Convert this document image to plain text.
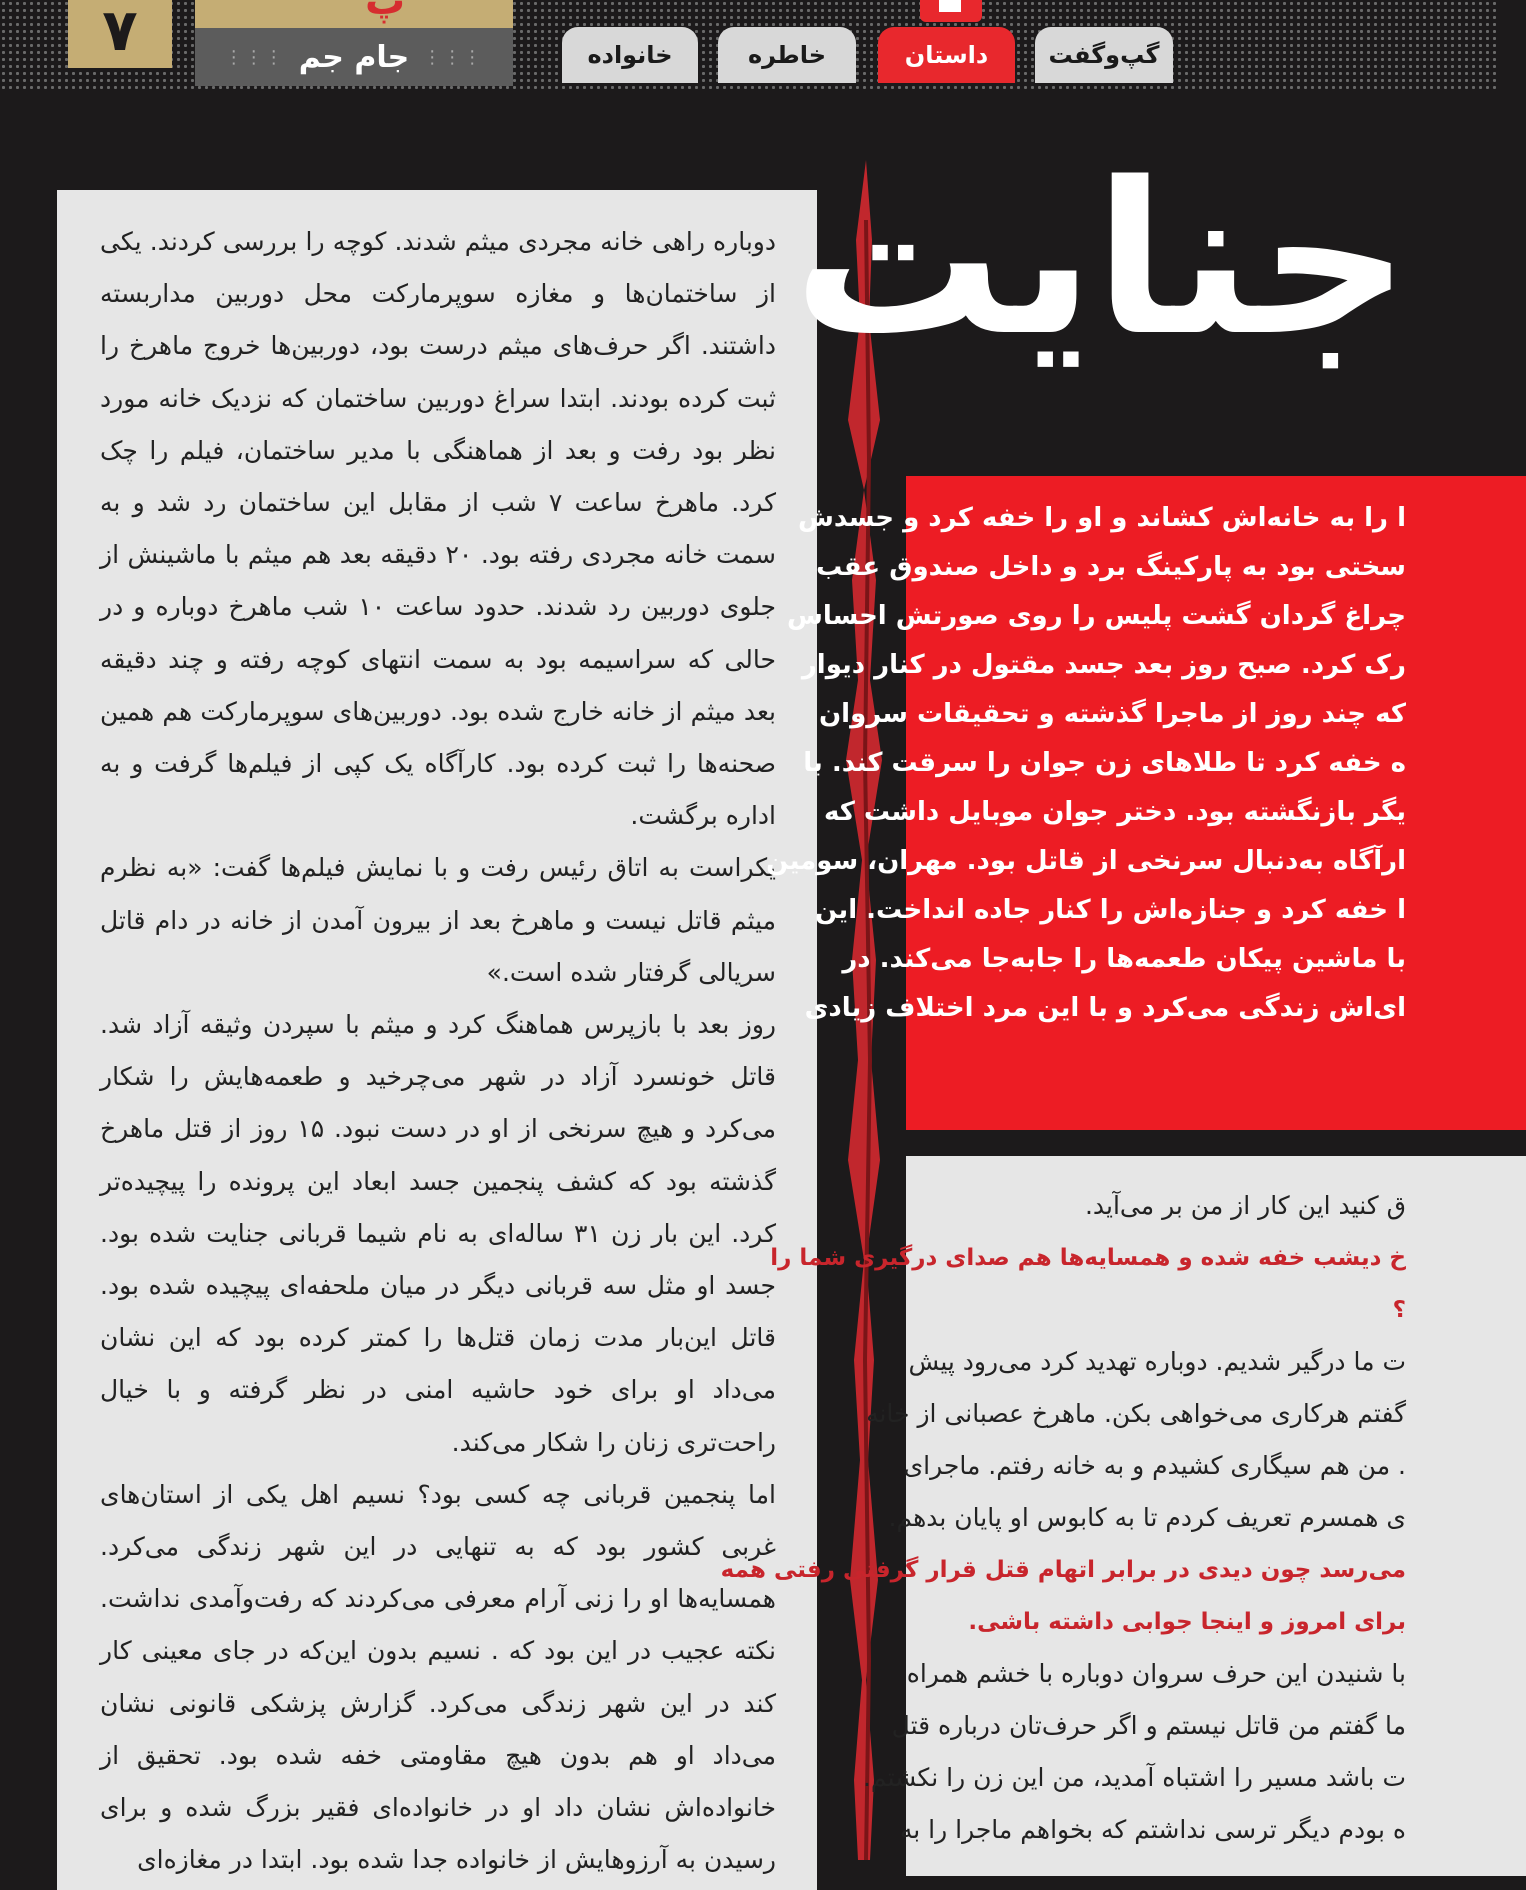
۷	پ
⋮⋮⋮ جام جم ⋮⋮⋮	گپ‌وگفت
داستان
خاطره
خانواده

دوباره راهی خانه مجردی میثم شدند. کوچه را بررسی کردند. یکی از ساختمان‌ها و مغازه سوپرمارکت محل دوربین مداربسته داشتند. اگر حرف‌های میثم درست بود، دوربین‌ها خروج ماهرخ را ثبت کرده بودند. ابتدا سراغ دوربین ساختمان که نزدیک خانه مورد نظر بود رفت و بعد از هماهنگی با مدیر ساختمان، فیلم را چک کرد. ماهرخ ساعت ۷ شب از مقابل این ساختمان رد شد و به سمت خانه مجردی رفته بود. ۲۰ دقیقه بعد هم میثم با ماشینش از جلوی دوربین رد شدند. حدود ساعت ۱۰ شب ماهرخ دوباره و در حالی که سراسیمه بود به سمت انتهای کوچه رفته و چند دقیقه بعد میثم از خانه خارج شده بود. دوربین‌های سوپرمارکت هم همین صحنه‌ها را ثبت کرده بود. کارآگاه یک کپی از فیلم‌ها گرفت و به اداره برگشت.

یکراست به اتاق رئیس رفت و با نمایش فیلم‌ها گفت: «به نظرم میثم قاتل نیست و ماهرخ بعد از بیرون آمدن از خانه در دام قاتل سریالی گرفتار شده است.»

روز بعد با بازپرس هماهنگ کرد و میثم با سپردن وثیقه آزاد شد. قاتل خونسرد آزاد در شهر می‌چرخید و طعمه‌هایش را شکار می‌کرد و هیچ سرنخی از او در دست نبود. ۱۵ روز از قتل ماهرخ گذشته بود که کشف پنجمین جسد ابعاد این پرونده را پیچیده‌تر کرد. این بار زن ۳۱ ساله‌ای به نام شیما قربانی جنایت شده بود. جسد او مثل سه قربانی دیگر در میان ملحفه‌ای پیچیده شده بود. قاتل این‌بار مدت زمان قتل‌ها را کمتر کرده بود که این نشان می‌داد او برای خود حاشیه امنی در نظر گرفته و با خیال راحت‌تری زنان را شکار می‌کند.

اما پنجمین قربانی چه کسی بود؟ نسیم اهل یکی از استان‌های غربی کشور بود که به تنهایی در این شهر زندگی می‌کرد. همسایه‌ها او را زنی آرام معرفی می‌کردند که رفت‌وآمدی نداشت. نکته عجیب در این بود که . نسیم بدون این‌که در جای معینی کار کند در این شهر زندگی می‌کرد. گزارش پزشکی قانونی نشان می‌داد او هم بدون هیچ مقاومتی خفه شده بود. تحقیق از خانواده‌اش نشان داد او در خانواده‌ای فقیر بزرگ شده و برای رسیدن به آرزوهایش از خانواده جدا شده بود. ابتدا در مغازه‌ای

جنایت

ا را به خانه‌اش کشاند و او را خفه کرد و جسدش

سختی بود به پارکینگ برد و داخل صندوق عقب

چراغ گردان گشت پلیس را روی صورتش احساس

رک کرد. صبح روز بعد جسد مقتول در کنار دیوار

که چند روز از ماجرا گذشته و تحقیقات سروان

ه خفه کرد تا طلاهای زن جوان را سرقت کند. با

یگر بازنگشته بود. دختر جوان موبایل داشت که

ارآگاه به‌دنبال سرنخی از قاتل بود. مهران، سومین

ا خفه کرد و جنازه‌اش را کنار جاده انداخت. این

با ماشین پیکان طعمه‌ها را جابه‌جا می‌کند. در

ای‌اش زندگی می‌کرد و با این مرد اختلاف زیادی

ق کنید این کار از من بر می‌آید.

خ دیشب خفه شده و همسایه‌ها هم صدای درگیری شما را

؟

ت ما درگیر شدیم. دوباره تهدید کرد می‌رود پیش

گفتم هرکاری می‌خواهی بکن. ماهرخ عصبانی از خانه

. من هم سیگاری کشیدم و به خانه رفتم. ماجرای

ی همسرم تعریف کردم تا به کابوس او پایان بدهم.

می‌رسد چون دیدی در برابر اتهام قتل قرار گرفتی رفتی همه

برای امروز و اینجا جوابی داشته باشی.

با شنیدن این حرف سروان دوباره با خشم همراه

ما گفتم من قاتل نیستم و اگر حرف‌تان درباره قتل

ت باشد مسیر را اشتباه آمدید، من این زن را نکشتم.

ه بودم دیگر ترسی نداشتم که بخواهم ماجرا را به
